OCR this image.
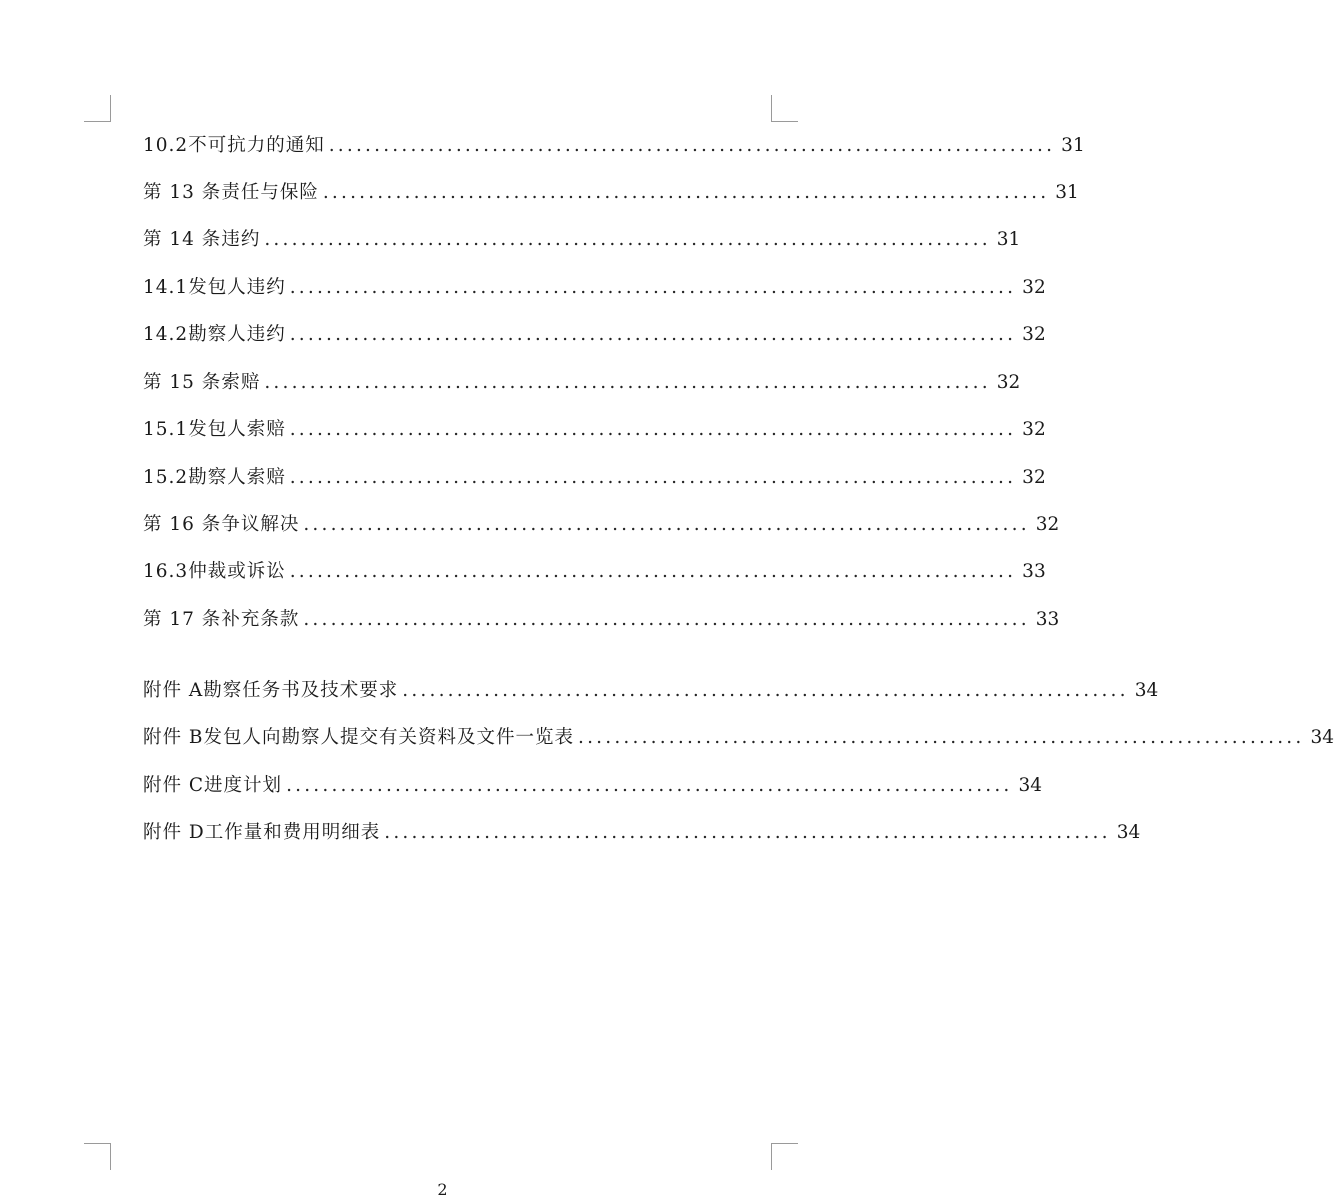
10.2 不可抗力的通知 ................................................................................ 31
第 13 条 责任与保险 ................................................................................ 31
第 14 条 违约 ................................................................................ 31
14.1 发包人违约 ................................................................................ 32
14.2 勘察人违约 ................................................................................ 32
第 15 条 索赔 ................................................................................ 32
15.1 发包人索赔 ................................................................................ 32
15.2 勘察人索赔 ................................................................................ 32
第 16 条 争议解决 ................................................................................ 32
16.3 仲裁或诉讼 ................................................................................ 33
第 17 条 补充条款 ................................................................................ 33
附件 A 勘察任务书及技术要求 ................................................................................ 34
附件 B 发包人向勘察人提交有关资料及文件一览表 ................................................................................ 34
附件 C 进度计划 ................................................................................ 34
附件 D 工作量和费用明细表 ................................................................................ 34
2
